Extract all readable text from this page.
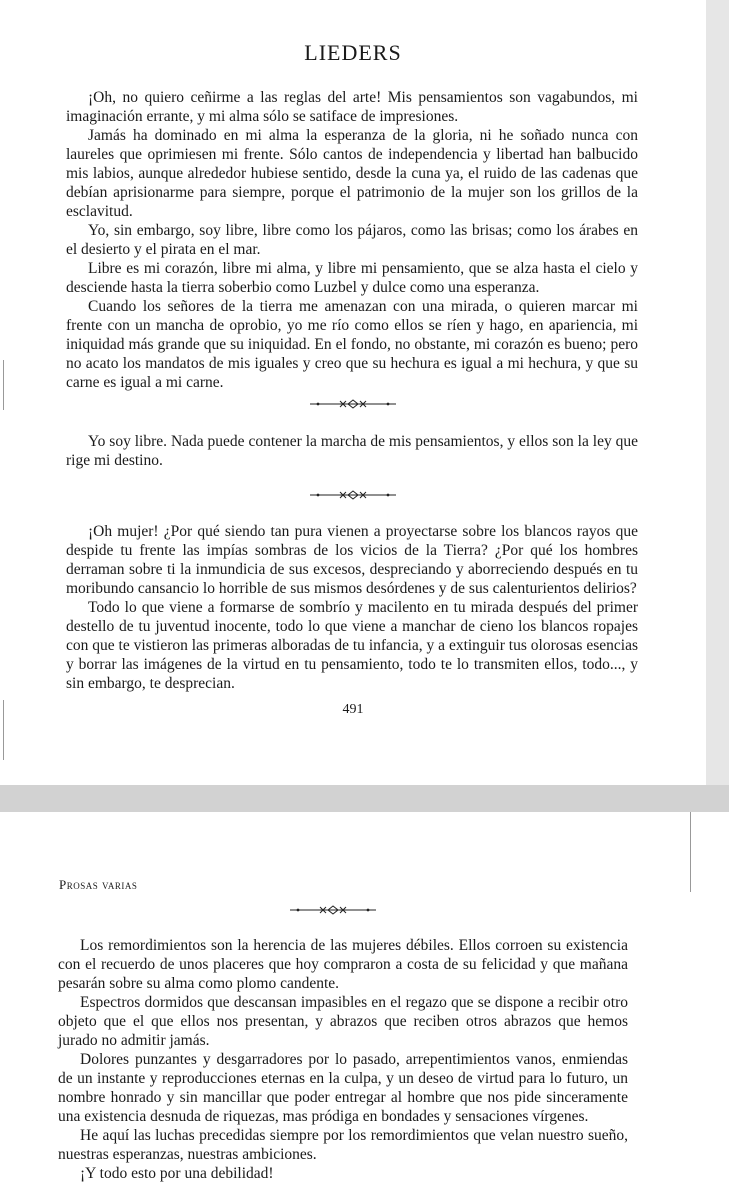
LIEDERS

¡Oh, no quiero ceñirme a las reglas del arte! Mis pensamientos son vagabundos, mi imaginación errante, y mi alma sólo se satiface de impresiones.

Jamás ha dominado en mi alma la esperanza de la gloria, ni he soñado nunca con laureles que oprimiesen mi frente. Sólo cantos de independencia y libertad han balbucido mis labios, aunque alrededor hubiese sentido, desde la cuna ya, el ruido de las cadenas que debían aprisionarme para siempre, porque el patrimonio de la mujer son los grillos de la esclavitud.

Yo, sin embargo, soy libre, libre como los pájaros, como las brisas; como los árabes en el desierto y el pirata en el mar.

Libre es mi corazón, libre mi alma, y libre mi pensamiento, que se alza hasta el cielo y desciende hasta la tierra soberbio como Luzbel y dulce como una esperanza.

Cuando los señores de la tierra me amenazan con una mirada, o quieren marcar mi frente con un mancha de oprobio, yo me río como ellos se ríen y hago, en apariencia, mi iniquidad más grande que su iniquidad. En el fondo, no obstante, mi corazón es bueno; pero no acato los mandatos de mis iguales y creo que su hechura es igual a mi hechura, y que su carne es igual a mi carne.

Yo soy libre. Nada puede contener la marcha de mis pensamientos, y ellos son la ley que rige mi destino.

¡Oh mujer! ¿Por qué siendo tan pura vienen a proyectarse sobre los blancos rayos que despide tu frente las impías sombras de los vicios de la Tierra? ¿Por qué los hombres derraman sobre ti la inmundicia de sus excesos, despreciando y aborreciendo después en tu moribundo cansancio lo horrible de sus mismos desórdenes y de sus calenturientos delirios?

Todo lo que viene a formarse de sombrío y macilento en tu mirada después del primer destello de tu juventud inocente, todo lo que viene a manchar de cieno los blancos ropajes con que te vistieron las primeras alboradas de tu infancia, y a extinguir tus olorosas esencias y borrar las imágenes de la virtud en tu pensamiento, todo te lo transmiten ellos, todo..., y sin embargo, te desprecian.

491
Prosas varias

Los remordimientos son la herencia de las mujeres débiles. Ellos corroen su existencia con el recuerdo de unos placeres que hoy compraron a costa de su felicidad y que mañana pesarán sobre su alma como plomo candente.

Espectros dormidos que descansan impasibles en el regazo que se dispone a recibir otro objeto que el que ellos nos presentan, y abrazos que reciben otros abrazos que hemos jurado no admitir jamás.

Dolores punzantes y desgarradores por lo pasado, arrepentimientos vanos, enmiendas de un instante y reproducciones eternas en la culpa, y un deseo de virtud para lo futuro, un nombre honrado y sin mancillar que poder entregar al hombre que nos pide sinceramente una existencia desnuda de riquezas, mas pródiga en bondades y sensaciones vírgenes.

He aquí las luchas precedidas siempre por los remordimientos que velan nuestro sueño, nuestras esperanzas, nuestras ambiciones.

¡Y todo esto por una debilidad!
